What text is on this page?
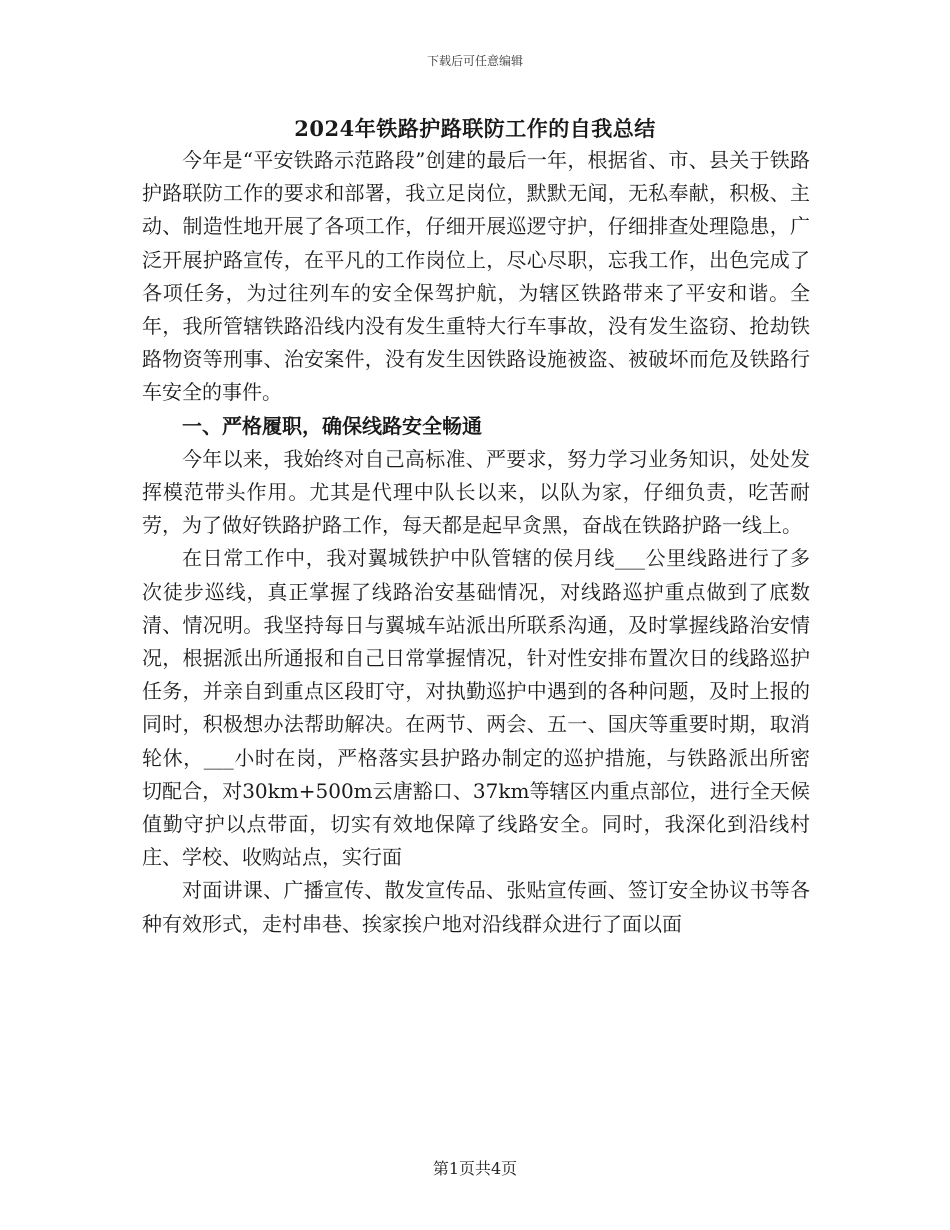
下载后可任意编辑
2024年铁路护路联防工作的自我总结

今年是“平安铁路示范路段”创建的最后一年，根据省、市、县关于铁路护路联防工作的要求和部署，我立足岗位，默默无闻，无私奉献，积极、主动、制造性地开展了各项工作，仔细开展巡逻守护，仔细排查处理隐患，广泛开展护路宣传，在平凡的工作岗位上，尽心尽职，忘我工作，出色完成了各项任务，为过往列车的安全保驾护航，为辖区铁路带来了平安和谐。全年，我所管辖铁路沿线内没有发生重特大行车事故，没有发生盗窃、抢劫铁路物资等刑事、治安案件，没有发生因铁路设施被盗、被破坏而危及铁路行车安全的事件。

一、严格履职，确保线路安全畅通

今年以来，我始终对自己高标准、严要求，努力学习业务知识，处处发挥模范带头作用。尤其是代理中队长以来，以队为家，仔细负责，吃苦耐劳，为了做好铁路护路工作，每天都是起早贪黑，奋战在铁路护路一线上。

在日常工作中，我对翼城铁护中队管辖的侯月线___公里线路进行了多次徒步巡线，真正掌握了线路治安基础情况，对线路巡护重点做到了底数清、情况明。我坚持每日与翼城车站派出所联系沟通，及时掌握线路治安情况，根据派出所通报和自己日常掌握情况，针对性安排布置次日的线路巡护任务，并亲自到重点区段盯守，对执勤巡护中遇到的各种问题，及时上报的同时，积极想办法帮助解决。在两节、两会、五一、国庆等重要时期，取消轮休，___小时在岗，严格落实县护路办制定的巡护措施，与铁路派出所密切配合，对30km+500m云唐豁口、37km等辖区内重点部位，进行全天候值勤守护以点带面，切实有效地保障了线路安全。同时，我深化到沿线村庄、学校、收购站点，实行面

对面讲课、广播宣传、散发宣传品、张贴宣传画、签订安全协议书等各种有效形式，走村串巷、挨家挨户地对沿线群众进行了面以面

第1页共4页
